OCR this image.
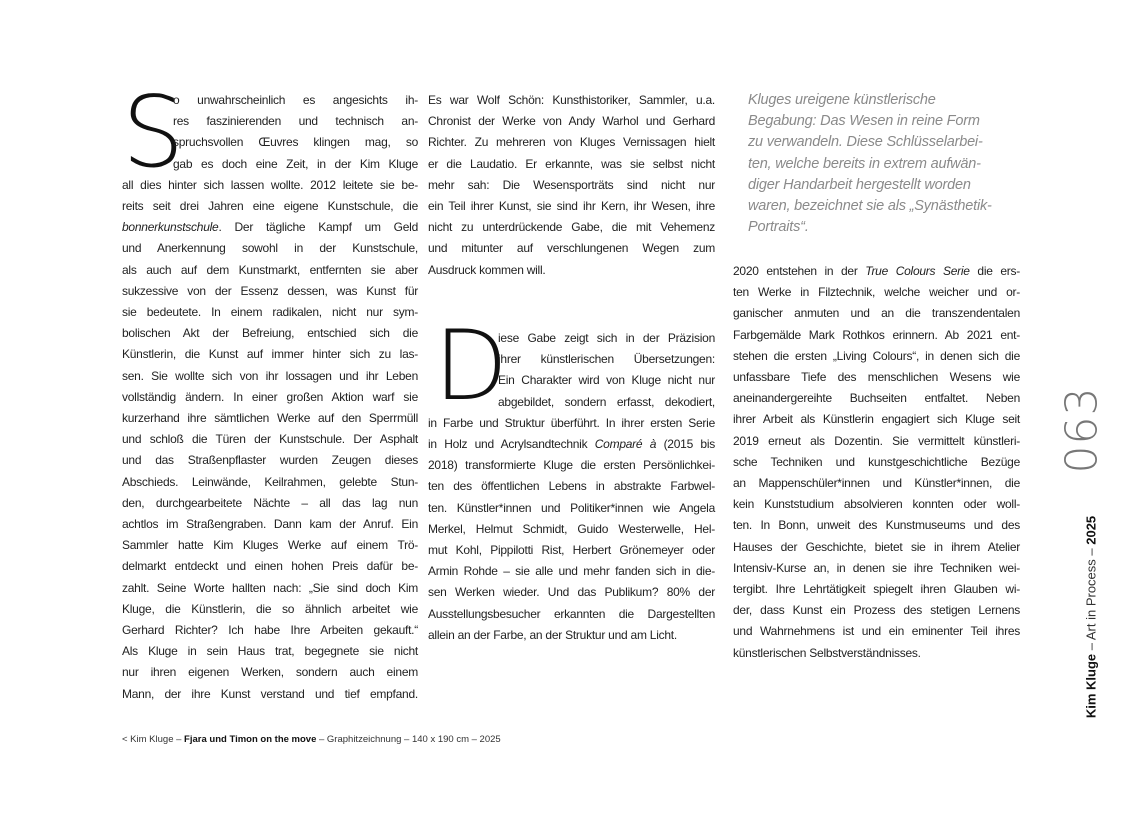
S
o unwahrscheinlich es angesichts ih-
res faszinierenden und technisch an-
spruchsvollen Œuvres klingen mag, so
gab es doch eine Zeit, in der Kim Kluge
all dies hinter sich lassen wollte. 2012 leitete sie be-
reits seit drei Jahren eine eigene Kunstschule, die
bonnerkunstschule. Der tägliche Kampf um Geld
und Anerkennung sowohl in der Kunstschule,
als auch auf dem Kunstmarkt, entfernten sie aber
sukzessive von der Essenz dessen, was Kunst für
sie bedeutete. In einem radikalen, nicht nur sym-
bolischen Akt der Befreiung, entschied sich die
Künstlerin, die Kunst auf immer hinter sich zu las-
sen. Sie wollte sich von ihr lossagen und ihr Leben
vollständig ändern. In einer großen Aktion warf sie
kurzerhand ihre sämtlichen Werke auf den Sperrmüll
und schloß die Türen der Kunstschule. Der Asphalt
und das Straßenpflaster wurden Zeugen dieses
Abschieds. Leinwände, Keilrahmen, gelebte Stun-
den, durchgearbeitete Nächte – all das lag nun
achtlos im Straßengraben. Dann kam der Anruf. Ein
Sammler hatte Kim Kluges Werke auf einem Trö-
delmarkt entdeckt und einen hohen Preis dafür be-
zahlt. Seine Worte hallten nach: „Sie sind doch Kim
Kluge, die Künstlerin, die so ähnlich arbeitet wie
Gerhard Richter? Ich habe Ihre Arbeiten gekauft.“
Als Kluge in sein Haus trat, begegnete sie nicht
nur ihren eigenen Werken, sondern auch einem
Mann, der ihre Kunst verstand und tief empfand.
Es war Wolf Schön: Kunsthistoriker, Sammler, u.a.
Chronist der Werke von Andy Warhol und Gerhard
Richter. Zu mehreren von Kluges Vernissagen hielt
er die Laudatio. Er erkannte, was sie selbst nicht
mehr sah: Die Wesensporträts sind nicht nur
ein Teil ihrer Kunst, sie sind ihr Kern, ihr Wesen, ihre
nicht zu unterdrückende Gabe, die mit Vehemenz
und mitunter auf verschlungenen Wegen zum
Ausdruck kommen will.
D
iese Gabe zeigt sich in der Präzision
ihrer künstlerischen Übersetzungen:
Ein Charakter wird von Kluge nicht nur
abgebildet, sondern erfasst, dekodiert,
in Farbe und Struktur überführt. In ihrer ersten Serie
in Holz und Acrylsandtechnik Comparé à (2015 bis
2018) transformierte Kluge die ersten Persönlichkei-
ten des öffentlichen Lebens in abstrakte Farbwel-
ten. Künstler*innen und Politiker*innen wie Angela
Merkel, Helmut Schmidt, Guido Westerwelle, Hel-
mut Kohl, Pippilotti Rist, Herbert Grönemeyer oder
Armin Rohde – sie alle und mehr fanden sich in die-
sen Werken wieder. Und das Publikum? 80% der
Ausstellungsbesucher erkannten die Dargestellten
allein an der Farbe, an der Struktur und am Licht.
Kluges ureigene künstlerische
Begabung: Das Wesen in reine Form
zu verwandeln. Diese Schlüsselarbei-
ten, welche bereits in extrem aufwän-
diger Handarbeit hergestellt worden
waren, bezeichnet sie als „Synästhetik-
Portraits“.
2020 entstehen in der True Colours Serie die ers-
ten Werke in Filztechnik, welche weicher und or-
ganischer anmuten und an die transzendentalen
Farbgemälde Mark Rothkos erinnern. Ab 2021 ent-
stehen die ersten „Living Colours“, in denen sich die
unfassbare Tiefe des menschlichen Wesens wie
aneinandergereihte Buchseiten entfaltet. Neben
ihrer Arbeit als Künstlerin engagiert sich Kluge seit
2019 erneut als Dozentin. Sie vermittelt künstleri-
sche Techniken und kunstgeschichtliche Bezüge
an Mappenschüler*innen und Künstler*innen, die
kein Kunststudium absolvieren konnten oder woll-
ten. In Bonn, unweit des Kunstmuseums und des
Hauses der Geschichte, bietet sie in ihrem Atelier
Intensiv-Kurse an, in denen sie ihre Techniken wei-
tergibt. Ihre Lehrtätigkeit spiegelt ihren Glauben wi-
der, dass Kunst ein Prozess des stetigen Lernens
und Wahrnehmens ist und ein eminenter Teil ihres
künstlerischen Selbstverständnisses.
< Kim Kluge – Fjara und Timon on the move – Graphitzeichnung – 140 x 190 cm – 2025
063
Kim Kluge – Art in Process – 2025
